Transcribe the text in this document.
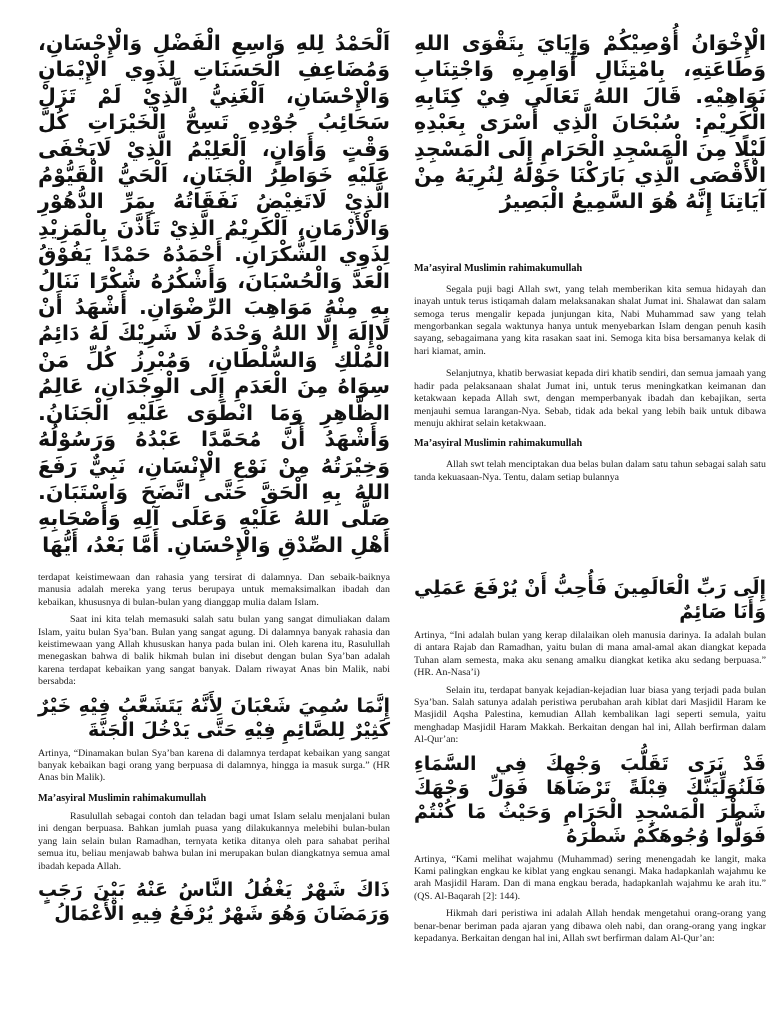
اَلْحَمْدُ لِلهِ وَاسِعِ الْفَضْلِ وَالْإِحْسَانِ، وَمُضَاعِفِ الْحَسَنَاتِ لِذَوِي الْإِيْمَانِ وَالْإِحْسَانِ، اَلْغَنِيُّ الَّذِيْ لَمْ تَزَلْ سَحَائِبُ جُوْدِهِ تَسِحُّ الْخَيْرَاتِ كُلَّ وَقْتٍ وَأَوَانٍ، اَلْعَلِيْمُ الَّذِيْ لَايَخْفَى عَلَيْهِ خَوَاطِرُ الْجَنَانِ، اَلْحَيُّ الْقَيُّوْمُ الَّذِيْ لَاتَغِيْضُ نَفَقَاتُهُ بِمَرِّ الدُّهُوْرِ وَالْأَزْمَانِ، اَلْكَرِيْمُ الَّذِيْ تَأَذَّنَ بِالْمَزِيْدِ لِذَوِي الشُّكْرَانِ. أَحْمَدُهُ حَمْدًا يَفُوْقُ الْعَدَّ وَالْحُسْبَانَ، وَأَشْكُرُهُ شُكْرًا نَنَالُ بِهِ مِنْهُ مَوَاهِبَ الرِّضْوَانِ. أَشْهَدُ أَنْ لَاإِلَهَ إِلَّا اللهُ وَحْدَهُ لَا شَرِيْكَ لَهُ دَائِمُ الْمُلْكِ وَالسُّلْطَانِ، وَمُبْرِزُ كُلِّ مَنْ سِوَاهُ مِنَ الْعَدَمِ إِلَى الْوِجْدَانِ، عَالِمُ الظَّاهِرِ وَمَا انْطَوَى عَلَيْهِ الْجَنَانُ. وَأَشْهَدُ أَنَّ مُحَمَّدًا عَبْدُهُ وَرَسُوْلُهُ وَخِيْرَتُهُ مِنْ نَوْعِ الْإِنْسَانِ، نَبِيٌّ رَفَعَ اللهُ بِهِ الْحَقَّ حَتَّى اتَّضَحَ وَاسْتَبَانَ. صَلَّى اللهُ عَلَيْهِ وَعَلَى آلِهِ وَأَصْحَابِهِ أَهْلِ الصِّدْقِ وَالْإِحْسَانِ. أَمَّا بَعْدُ، أَيُّهَا

الْإِخْوَانُ أُوْصِيْكُمْ وَإِيَايَ بِتَقْوَى اللهِ وَطَاعَتِهِ، بِامْتِثَالِ أَوَامِرِهِ وَاجْتِنَابِ نَوَاهِيْهِ. قَالَ اللهُ تَعَالَى فِيْ كِتَابِهِ الْكَرِيْمِ: سُبْحَانَ الَّذِي أَسْرَى بِعَبْدِهِ لَيْلًا مِنَ الْمَسْجِدِ الْحَرَامِ إِلَى الْمَسْجِدِ الْأَقْصَى الَّذِي بَارَكْنَا حَوْلَهُ لِنُرِيَهُ مِنْ آيَاتِنَا إِنَّهُ هُوَ السَّمِيعُ الْبَصِيرُ

Ma’asyiral Muslimin rahimakumullah

Segala puji bagi Allah swt, yang telah memberikan kita semua hidayah dan inayah untuk terus istiqamah dalam melaksanakan shalat Jumat ini. Shalawat dan salam semoga terus mengalir kepada junjungan kita, Nabi Muhammad saw yang telah mengorbankan segala waktunya hanya untuk menyebarkan Islam dengan penuh kasih sayang, sebagaimana yang kita rasakan saat ini. Semoga kita bisa bersamanya kelak di hari kiamat, amin.

Selanjutnya, khatib berwasiat kepada diri khatib sendiri, dan semua jamaah yang hadir pada pelaksanaan shalat Jumat ini, untuk terus meningkatkan keimanan dan ketakwaan kepada Allah swt, dengan memperbanyak ibadah dan kebajikan, serta menjauhi semua larangan-Nya. Sebab, tidak ada bekal yang lebih baik untuk dibawa menuju akhirat selain ketakwaan.

Ma’asyiral Muslimin rahimakumullah

Allah swt telah menciptakan dua belas bulan dalam satu tahun sebagai salah satu tanda kekuasaan-Nya. Tentu, dalam setiap bulannya

terdapat keistimewaan dan rahasia yang tersirat di dalamnya. Dan sebaik-baiknya manusia adalah mereka yang terus berupaya untuk memaksimalkan ibadah dan kebaikan, khususnya di bulan-bulan yang dianggap mulia dalam Islam.

Saat ini kita telah memasuki salah satu bulan yang sangat dimuliakan dalam Islam, yaitu bulan Sya’ban. Bulan yang sangat agung. Di dalamnya banyak rahasia dan keistimewaan yang Allah khususkan hanya pada bulan ini. Oleh karena itu, Rasulullah menegaskan bahwa di balik hikmah bulan ini disebut dengan bulan Sya’ban adalah karena terdapat kebaikan yang sangat banyak. Dalam riwayat Anas bin Malik, nabi bersabda:

إِنَّمَا سُمِيَ شَعْبَانَ لِأَنَّهُ يَتَشَعَّبُ فِيْهِ خَيْرٌ كَثِيْرٌ لِلصَّائِمِ فِيْهِ حَتَّى يَدْخُلَ الْجَنَّةَ

Artinya, “Dinamakan bulan Sya’ban karena di dalamnya terdapat kebaikan yang sangat banyak kebaikan bagi orang yang berpuasa di dalamnya, hingga ia masuk surga.” (HR Anas bin Malik).

Ma’asyiral Muslimin rahimakumullah

Rasulullah sebagai contoh dan teladan bagi umat Islam selalu menjalani bulan ini dengan berpuasa. Bahkan jumlah puasa yang dilakukannya melebihi bulan-bulan yang lain selain bulan Ramadhan, ternyata ketika ditanya oleh para sahabat perihal semua itu, beliau menjawab bahwa bulan ini merupakan bulan diangkatnya semua amal ibadah kepada Allah.

ذَاكَ شَهْرٌ يَغْفُلُ النَّاسُ عَنْهُ بَيْنَ رَجَبٍ وَرَمَضَانَ وَهُوَ شَهْرٌ يُرْفَعُ فِيهِ الْأَعْمَالُ

إِلَى رَبِّ الْعَالَمِينَ فَأُحِبُّ أَنْ يُرْفَعَ عَمَلِي وَأَنَا صَائِمٌ

Artinya, “Ini adalah bulan yang kerap dilalaikan oleh manusia darinya. Ia adalah bulan di antara Rajab dan Ramadhan, yaitu bulan di mana amal-amal akan diangkat kepada Tuhan alam semesta, maka aku senang amalku diangkat ketika aku sedang berpuasa.” (HR. An-Nasa’i)

Selain itu, terdapat banyak kejadian-kejadian luar biasa yang terjadi pada bulan Sya’ban. Salah satunya adalah peristiwa perubahan arah kiblat dari Masjidil Haram ke Masjidil Aqsha Palestina, kemudian Allah kembalikan lagi seperti semula, yaitu menghadap Masjidil Haram Makkah. Berkaitan dengan hal ini, Allah berfirman dalam Al-Qur’an:

قَدْ نَرَى تَقَلُّبَ وَجْهِكَ فِي السَّمَاءِ فَلَنُوَلِّيَنَّكَ قِبْلَةً تَرْضَاهَا فَوَلِّ وَجْهَكَ شَطْرَ الْمَسْجِدِ الْحَرَامِ وَحَيْثُ مَا كُنْتُمْ فَوَلُّوا وُجُوهَكُمْ شَطْرَهُ

Artinya, “Kami melihat wajahmu (Muhammad) sering menengadah ke langit, maka Kami palingkan engkau ke kiblat yang engkau senangi. Maka hadapkanlah wajahmu ke arah Masjidil Haram. Dan di mana engkau berada, hadapkanlah wajahmu ke arah itu.” (QS. Al-Baqarah [2]: 144).

Hikmah dari peristiwa ini adalah Allah hendak mengetahui orang-orang yang benar-benar beriman pada ajaran yang dibawa oleh nabi, dan orang-orang yang ingkar kepadanya. Berkaitan dengan hal ini, Allah swt berfirman dalam Al-Qur’an:
